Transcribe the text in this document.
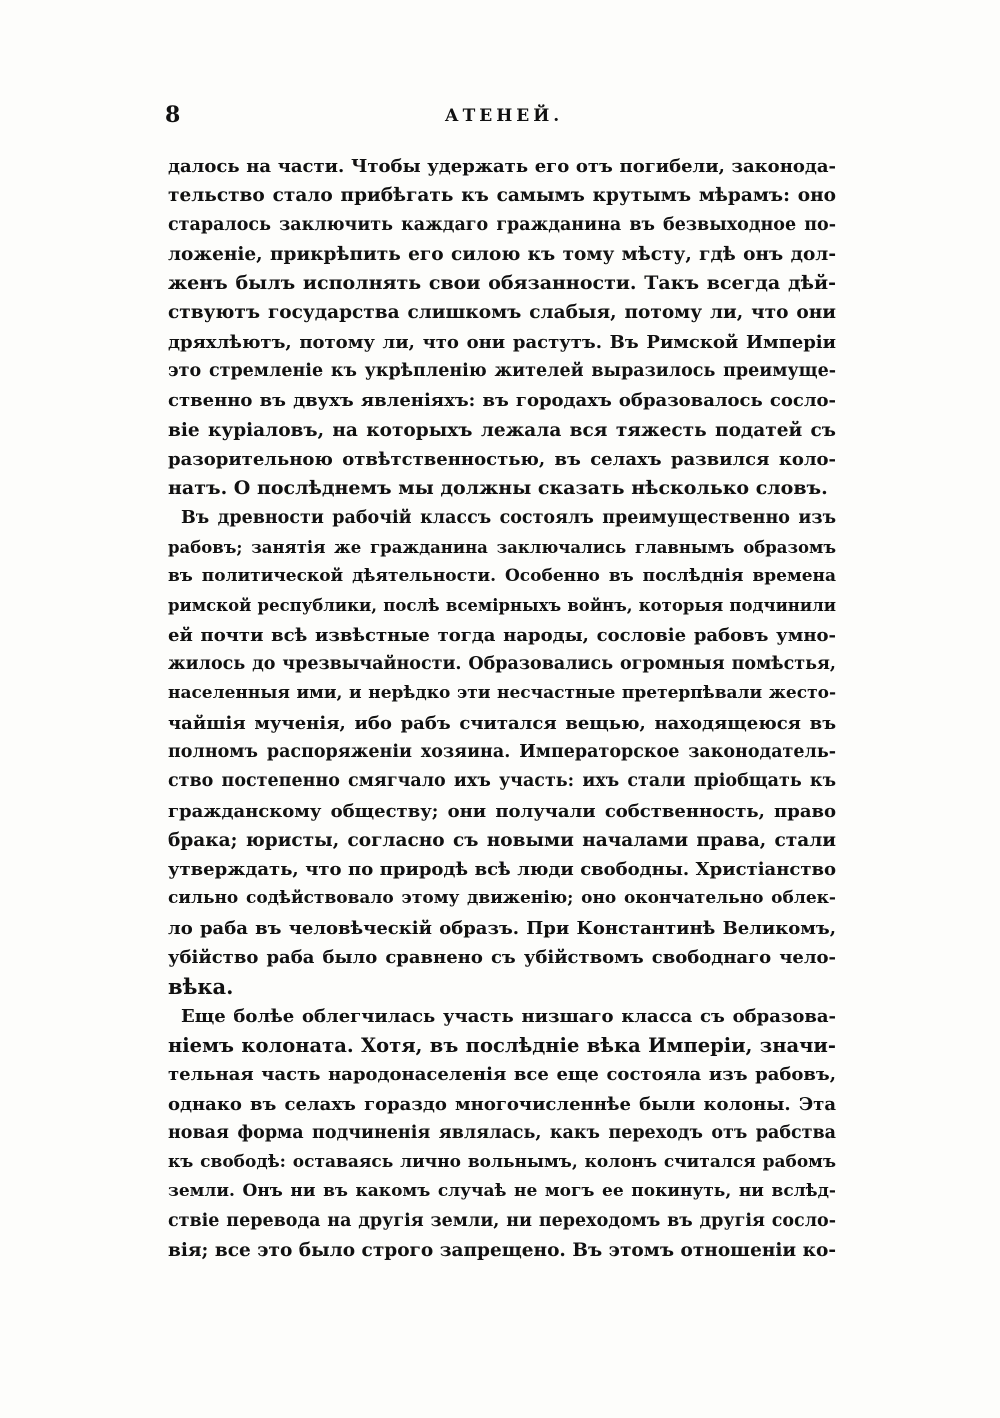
8	АТЕНЕЙ.
далось на части. Чтобы удержать его отъ погибели, законода-
тельство стало прибѣгать къ самымъ крутымъ мѣрамъ: оно
старалось заключить каждаго гражданина въ безвыходное по-
ложеніе, прикрѣпить его силою къ тому мѣсту, гдѣ онъ дол-
женъ былъ исполнять свои обязанности. Такъ всегда дѣй-
ствуютъ государства слишкомъ слабыя, потому ли, что они
дряхлѣютъ, потому ли, что они растутъ. Въ Римской Имперіи
это стремленіе къ укрѣпленію жителей выразилось преимуще-
ственно въ двухъ явленіяхъ: въ городахъ образовалось сосло-
віе куріаловъ, на которыхъ лежала вся тяжесть податей съ
разорительною отвѣтственностью, въ селахъ развился коло-
натъ. О послѣднемъ мы должны сказать нѣсколько словъ.
Въ древности рабочій классъ состоялъ преимущественно изъ
рабовъ; занятія же гражданина заключались главнымъ образомъ
въ политической дѣятельности. Особенно въ послѣднія времена
римской республики, послѣ всемірныхъ войнъ, которыя подчинили
ей почти всѣ извѣстные тогда народы, сословіе рабовъ умно-
жилось до чрезвычайности. Образовались огромныя помѣстья,
населенныя ими, и нерѣдко эти несчастные претерпѣвали жесто-
чайшія мученія, ибо рабъ считался вещью, находящеюся въ
полномъ распоряженіи хозяина. Императорское законодатель-
ство постепенно смягчало ихъ участь: ихъ стали пріобщать къ
гражданскому обществу; они получали собственность, право
брака; юристы, согласно съ новыми началами права, стали
утверждать, что по природѣ всѣ люди свободны. Христіанство
сильно содѣйствовало этому движенію; оно окончательно облек-
ло раба въ человѣческій образъ. При Константинѣ Великомъ,
убійство раба было сравнено съ убійствомъ свободнаго чело-
вѣка.
Еще болѣе облегчилась участь низшаго класса съ образова-
ніемъ колоната. Хотя, въ послѣдніе вѣка Имперіи, значи-
тельная часть народонаселенія все еще состояла изъ рабовъ,
однако въ селахъ гораздо многочисленнѣе были колоны. Эта
новая форма подчиненія являлась, какъ переходъ отъ рабства
къ свободѣ: оставаясь лично вольнымъ, колонъ считался рабомъ
земли. Онъ ни въ какомъ случаѣ не могъ ее покинуть, ни вслѣд-
ствіе перевода на другія земли, ни переходомъ въ другія сосло-
вія; все это было строго запрещено. Въ этомъ отношеніи ко-
